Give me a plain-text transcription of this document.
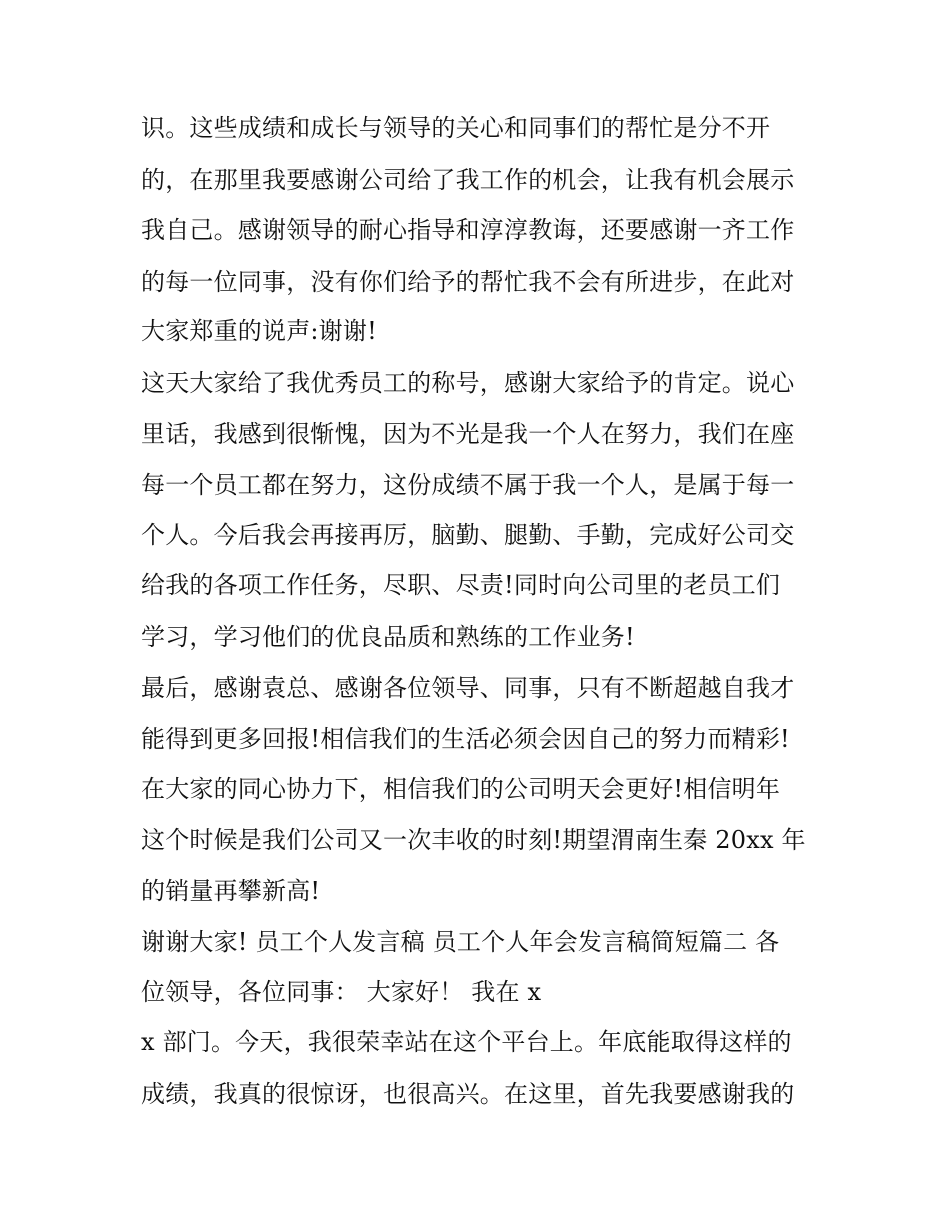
识。这些成绩和成长与领导的关心和同事们的帮忙是分不开
的，在那里我要感谢公司给了我工作的机会，让我有机会展示
我自己。感谢领导的耐心指导和淳淳教诲，还要感谢一齐工作
的每一位同事，没有你们给予的帮忙我不会有所进步，在此对
大家郑重的说声:谢谢!
这天大家给了我优秀员工的称号，感谢大家给予的肯定。说心
里话，我感到很惭愧，因为不光是我一个人在努力，我们在座
每一个员工都在努力，这份成绩不属于我一个人，是属于每一
个人。今后我会再接再厉，脑勤、腿勤、手勤，完成好公司交
给我的各项工作任务，尽职、尽责!同时向公司里的老员工们
学习，学习他们的优良品质和熟练的工作业务!
最后，感谢袁总、感谢各位领导、同事，只有不断超越自我才
能得到更多回报!相信我们的生活必须会因自己的努力而精彩!
在大家的同心协力下，相信我们的公司明天会更好!相信明年
这个时候是我们公司又一次丰收的时刻!期望渭南生秦 20xx 年
的销量再攀新高!
谢谢大家! 员工个人发言稿 员工个人年会发言稿简短篇二 各
位领导，各位同事： 大家好！ 我在 x
x 部门。今天，我很荣幸站在这个平台上。年底能取得这样的
成绩，我真的很惊讶，也很高兴。在这里，首先我要感谢我的
